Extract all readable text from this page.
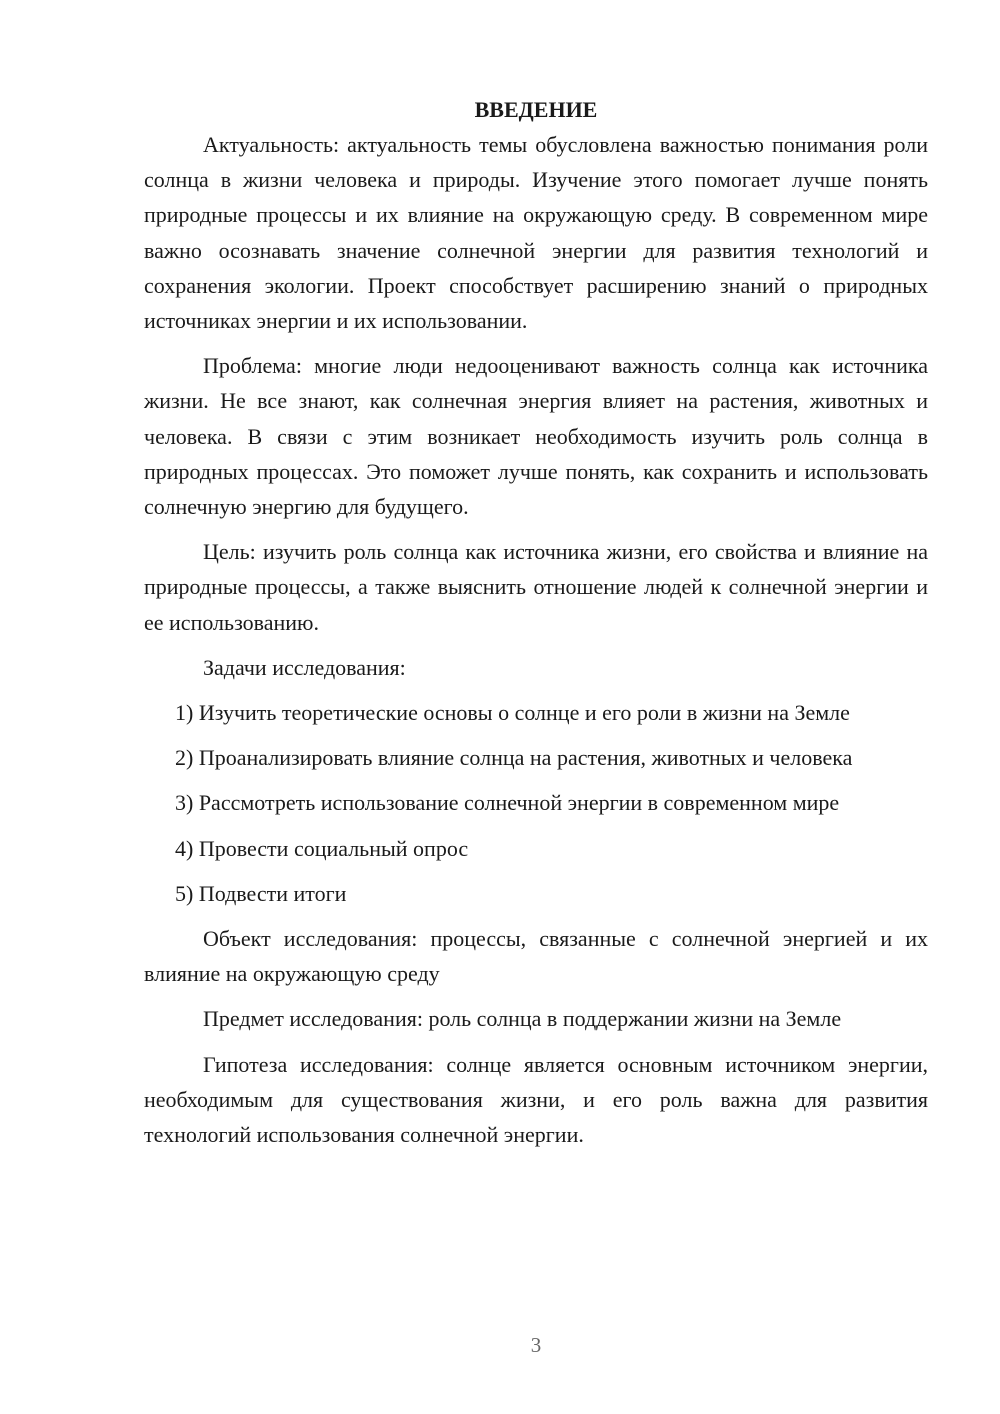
ВВЕДЕНИЕ

Актуальность: актуальность темы обусловлена важностью понимания роли солнца в жизни человека и природы. Изучение этого помогает лучше понять природные процессы и их влияние на окружающую среду. В современном мире важно осознавать значение солнечной энергии для развития технологий и сохранения экологии. Проект способствует расширению знаний о природных источниках энергии и их использовании.

Проблема: многие люди недооценивают важность солнца как источника жизни. Не все знают, как солнечная энергия влияет на растения, животных и человека. В связи с этим возникает необходимость изучить роль солнца в природных процессах. Это поможет лучше понять, как сохранить и использовать солнечную энергию для будущего.

Цель: изучить роль солнца как источника жизни, его свойства и влияние на природные процессы, а также выяснить отношение людей к солнечной энергии и ее использованию.

Задачи исследования:

1) Изучить теоретические основы о солнце и его роли в жизни на Земле

2) Проанализировать влияние солнца на растения, животных и человека

3) Рассмотреть использование солнечной энергии в современном мире

4) Провести социальный опрос

5) Подвести итоги

Объект исследования: процессы, связанные с солнечной энергией и их влияние на окружающую среду

Предмет исследования: роль солнца в поддержании жизни на Земле

Гипотеза исследования: солнце является основным источником энергии, необходимым для существования жизни, и его роль важна для развития технологий использования солнечной энергии.

3
